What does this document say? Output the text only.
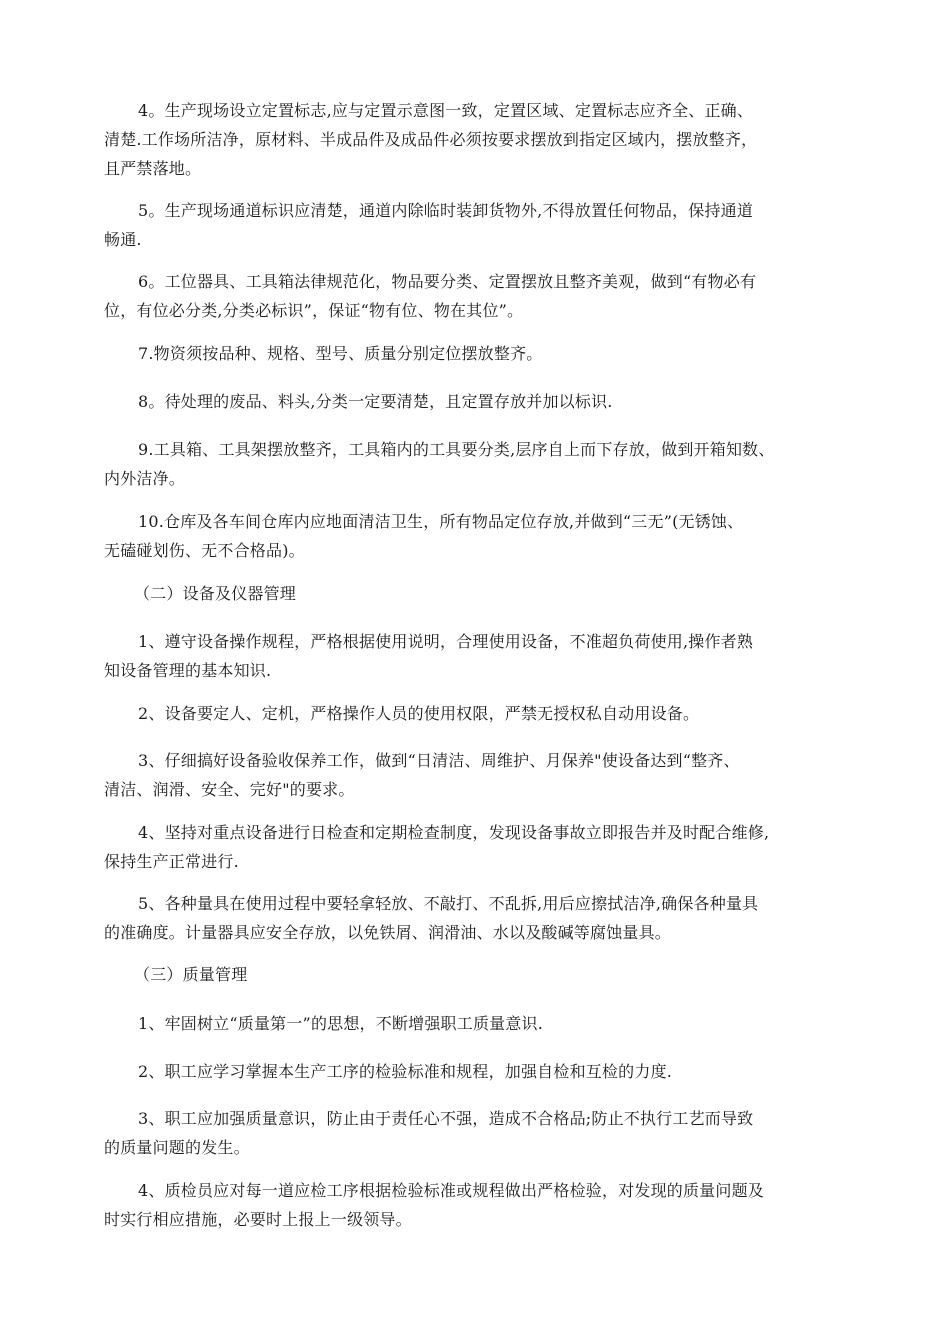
4。生产现场设立定置标志,应与定置示意图一致，定置区域、定置标志应齐全、正确、
清楚.工作场所洁净，原材料、半成品件及成品件必须按要求摆放到指定区域内，摆放整齐，
且严禁落地。

5。生产现场通道标识应清楚，通道内除临时装卸货物外,不得放置任何物品，保持通道
畅通.

6。工位器具、工具箱法律规范化，物品要分类、定置摆放且整齐美观，做到“有物必有
位，有位必分类,分类必标识”，保证“物有位、物在其位”。

7.物资须按品种、规格、型号、质量分别定位摆放整齐。

8。待处理的废品、料头,分类一定要清楚，且定置存放并加以标识.

9.工具箱、工具架摆放整齐，工具箱内的工具要分类,层序自上而下存放，做到开箱知数、
内外洁净。

10.仓库及各车间仓库内应地面清洁卫生，所有物品定位存放,并做到“三无”(无锈蚀、
无磕碰划伤、无不合格品)。

（二）设备及仪器管理

1、遵守设备操作规程，严格根据使用说明，合理使用设备，不准超负荷使用,操作者熟
知设备管理的基本知识.

2、设备要定人、定机，严格操作人员的使用权限，严禁无授权私自动用设备。

3、仔细搞好设备验收保养工作，做到“日清洁、周维护、月保养"使设备达到“整齐、
清洁、润滑、安全、完好"的要求。

4、坚持对重点设备进行日检查和定期检查制度，发现设备事故立即报告并及时配合维修,
保持生产正常进行.

5、各种量具在使用过程中要轻拿轻放、不敲打、不乱拆,用后应擦拭洁净,确保各种量具
的准确度。计量器具应安全存放，以免铁屑、润滑油、水以及酸碱等腐蚀量具。

（三）质量管理

1、牢固树立“质量第一”的思想，不断增强职工质量意识.

2、职工应学习掌握本生产工序的检验标准和规程，加强自检和互检的力度.

3、职工应加强质量意识，防止由于责任心不强，造成不合格品;防止不执行工艺而导致
的质量问题的发生。

4、质检员应对每一道应检工序根据检验标准或规程做出严格检验，对发现的质量问题及
时实行相应措施，必要时上报上一级领导。
